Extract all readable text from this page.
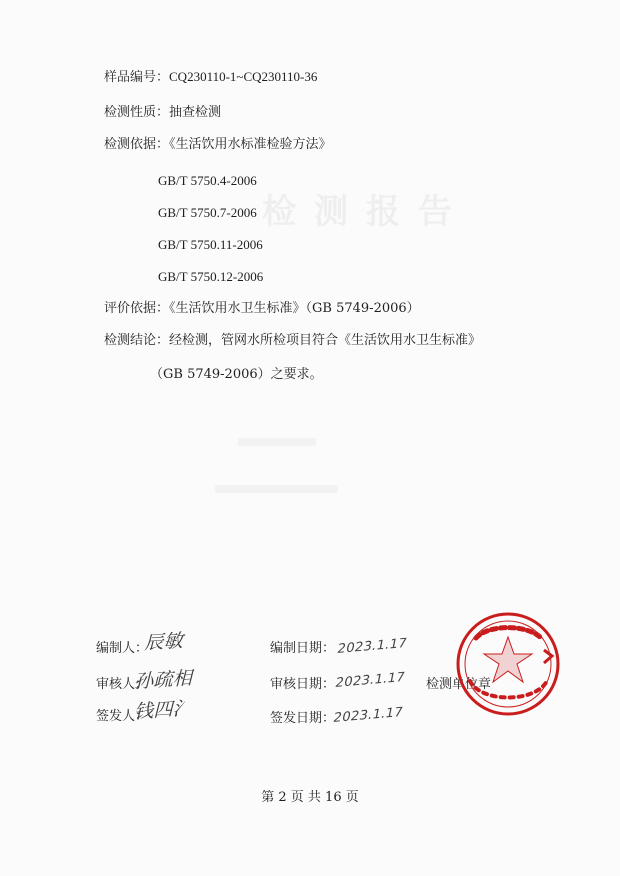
检测报告
样品编号：CQ230110-1~CQ230110-36
检测性质：抽查检测
检测依据：《生活饮用水标准检验方法》
GB/T 5750.4-2006
GB/T 5750.7-2006
GB/T 5750.11-2006
GB/T 5750.12-2006
评价依据：《生活饮用水卫生标准》（GB 5749-2006）
检测结论：经检测，管网水所检项目符合《生活饮用水卫生标准》
（GB 5749-2006）之要求。
编制人：
辰敏
审核人：
孙疏相
签发人：
钱四氵
编制日期： 2023.1.17
审核日期：
2023.1.17
签发日期：
2023.1.17
检测单位章
第 2 页 共 16 页
